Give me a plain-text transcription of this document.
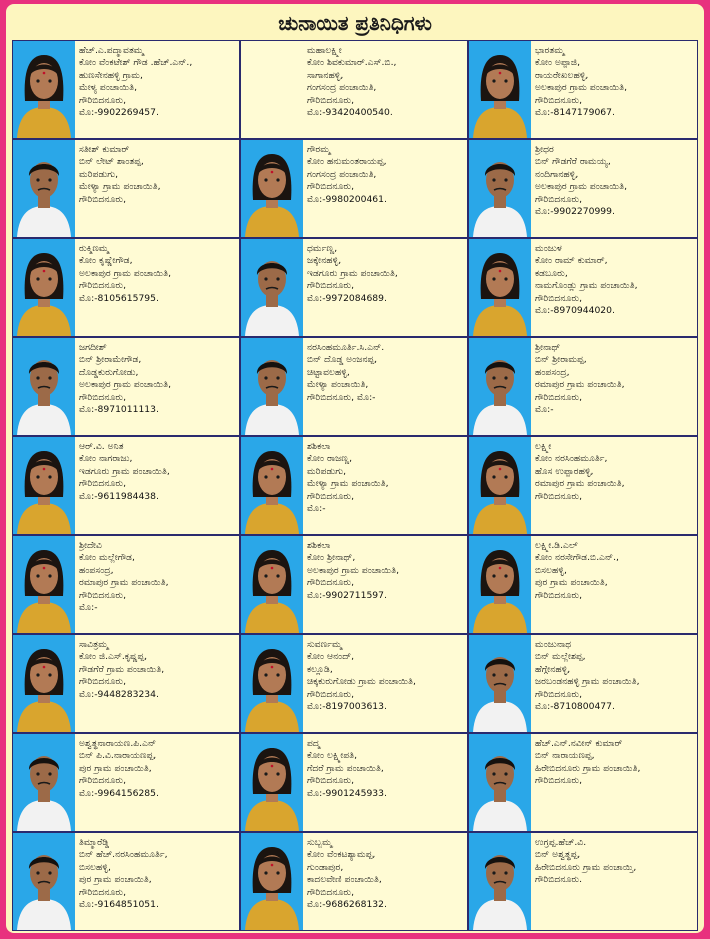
ಚುನಾಯಿತ ಪ್ರತಿನಿಧಿಗಳು
ಹೆಚ್.ಎ.ಪದ್ಮಾವತಮ್ಮ
ಕೋಂ ವೆಂಕಟೇಶ್ ಗೌಡ .ಹೆಚ್.ಎನ್.,
ಹುಣಸೇನಹಳ್ಳಿ ಗ್ರಾಮ,
ಮೇಳ್ಯ ಪಂಚಾಯಿತಿ,
ಗೌರಿಬಿದನೂರು,
ಮೊ:-9902269457.
ಮಹಾಲಕ್ಷ್ಮೀ
ಕೋಂ ಶಿವಕುಮಾರ್.ಎಸ್.ಬಿ.,
ಸಾಗಾನಹಳ್ಳಿ,
ಗಂಗಸಂದ್ರ ಪಂಚಾಯಿತಿ,
ಗೌರಿಬಿದನೂರು,
ಮೊ:-93420400540.
ಭಾರತಮ್ಮ
ಕೋಂ ಅಪ್ಪಾಜಿ,
ರಾಯರೇಖಲಹಳ್ಳಿ,
ಅಲಕಾಪುರ ಗ್ರಾಮ ಪಂಚಾಯಿತಿ,
ಗೌರಿಬಿದನೂರು,
ಮೊ:-8147179067.
ಸತೀಶ್ ಕುಮಾರ್
ಬಿನ್ ಲೇಟ್ ಶಾಂತಪ್ಪ,
ಮರಿಪಡುಗು,
ಮೇಳ್ಯಾ ಗ್ರಾಮ ಪಂಚಾಯಿತಿ,
ಗೌರಿಬಿದನೂರು,
ಗೌರಮ್ಮ
ಕೋಂ ಹನುಮಂತರಾಯಪ್ಪ,
ಗಂಗಸಂದ್ರ ಪಂಚಾಯಿತಿ,
ಗೌರಿಬಿದನೂರು,
ಮೊ:-9980200461.
ಶ್ರೀಧರ
ಬಿನ್ ಗೌಡಗೆರೆ ರಾಮಯ್ಯ,
ನಂದಿಗಾನಹಳ್ಳಿ,
ಅಲಕಾಪುರ ಗ್ರಾಮ ಪಂಚಾಯಿತಿ,
ಗೌರಿಬಿದನೂರು,
ಮೊ:-9902270999.
ರುಕ್ಮಿಣಮ್ಮ
ಕೋಂ ಕೃಷ್ಣೇಗೌಡ,
ಅಲಕಾಪುರ ಗ್ರಾಮ ಪಂಚಾಯಿತಿ,
ಗೌರಿಬಿದನೂರು,
ಮೊ:-8105615795.
ಧರ್ಮಣ್ಣ,
ಜಕ್ಕೇನಹಳ್ಳಿ,
ಇಡಗೂರು ಗ್ರಾಮ ಪಂಚಾಯಿತಿ,
ಗೌರಿಬಿದನೂರು,
ಮೊ:-9972084689.
ಮಂಜುಳ
ಕೋಂ ರಾಮ್ ಕುಮಾರ್,
ಕಡಬೂರು,
ನಾಮಗೊಂಡ್ಲು ಗ್ರಾಮ ಪಂಚಾಯಿತಿ,
ಗೌರಿಬಿದನೂರು,
ಮೊ:-8970944020.
ಜಗದೀಶ್
ಬಿನ್ ಶ್ರೀರಾಮೇಗೌಡ,
ದೊಡ್ಡಕುರುಗೋಡು,
ಅಲಕಾಪುರ ಗ್ರಾಮ ಪಂಚಾಯಿತಿ,
ಗೌರಿಬಿದನೂರು,
ಮೊ:-8971011113.
ನರಸಿಂಹಮೂರ್ತಿ.ಸಿ.ಎನ್.
ಬಿನ್ ದೊಡ್ಡ ಅಂಜನಪ್ಪ,
ಚಿಟ್ಟಾವಲಹಳ್ಳಿ,
ಮೇಳ್ಯಾ ಪಂಚಾಯಿತಿ,
ಗೌರಿಬಿದನೂರು, ಮೊ:-
ಶ್ರೀನಾಥ್
ಬಿನ್ ಶ್ರೀರಾಮಪ್ಪ,
ಹಂಪಸಂದ್ರ,
ರಮಾಪುರ ಗ್ರಾಮ ಪಂಚಾಯಿತಿ,
ಗೌರಿಬಿದನೂರು,
ಮೊ:-
ಆರ್.ವಿ. ಅನಿತ
ಕೋಂ ನಾಗರಾಜು,
ಇಡಗೂರು ಗ್ರಾಮ ಪಂಚಾಯಿತಿ,
ಗೌರಿಬಿದನೂರು,
ಮೊ:-9611984438.
ಶಶಿಕಲಾ
ಕೋಂ ರಾಜಣ್ಣ,
ಮರಿಪಡುಗು,
ಮೇಳ್ಯಾ ಗ್ರಾಮ ಪಂಚಾಯಿತಿ,
ಗೌರಿಬಿದನೂರು,
ಮೊ:-
ಲಕ್ಷ್ಮೀ
ಕೋಂ ನರಸಿಂಹಮೂರ್ತಿ,
ಹೊಸ ಉಪ್ಪಾರಹಳ್ಳಿ,
ರಮಾಪುರ ಗ್ರಾಮ ಪಂಚಾಯಿತಿ,
ಗೌರಿಬಿದನೂರು,
ಶ್ರೀದೇವಿ
ಕೋಂ ಮಲ್ಲೇಗೌಡ,
ಹಂಪಸಂದ್ರ,
ರಮಾಪುರ ಗ್ರಾಮ ಪಂಚಾಯಿತಿ,
ಗೌರಿಬಿದನೂರು,
ಮೊ:-
ಶಶಿಕಲಾ
ಕೋಂ ಶ್ರೀನಾಥ್,
ಅಲಕಾಪುರ ಗ್ರಾಮ ಪಂಚಾಯಿತಿ,
ಗೌರಿಬಿದನೂರು,
ಮೊ:-9902711597.
ಲಕ್ಷ್ಮೀ.ಡಿ.ಎಲ್
ಕೋಂ ನರಸೇಗೌಡ.ಬಿ.ಎನ್.,
ಬಿಸಲಹಳ್ಳಿ,
ಪುರ ಗ್ರಾಮ ಪಂಚಾಯಿತಿ,
ಗೌರಿಬಿದನೂರು,
ಸಾವಿತ್ರಮ್ಮ
ಕೋಂ ಜಿ.ಎಸ್.ಕೃಷ್ಣಪ್ಪ,
ಗೌಡಗೆರೆ ಗ್ರಾಮ ಪಂಚಾಯಿತಿ,
ಗೌರಿಬಿದನೂರು,
ಮೊ:-9448283234.
ಸುವರ್ಣಮ್ಮ
ಕೋಂ ಆನಂದ್,
ಕಲ್ಲೂಡಿ,
ಚಿಕ್ಕಕುರುಗೋಡು ಗ್ರಾಮ ಪಂಚಾಯಿತಿ,
ಗೌರಿಬಿದನೂರು,
ಮೊ:-8197003613.
ಮಂಜುನಾಥ
ಬಿನ್ ಮಲ್ಲೇಶಪ್ಪ,
ಹೆಗ್ಗೇನಹಳ್ಳಿ,
ಜರಬಂಡನಹಳ್ಳಿ ಗ್ರಾಮ ಪಂಚಾಯಿತಿ,
ಗೌರಿಬಿದನೂರು,
ಮೊ:-8710800477.
ಅಶ್ವತ್ಥನಾರಾಯಣ.ಪಿ.ಎನ್
ಬಿನ್ ಪಿ.ವಿ.ನಾರಾಯಣಪ್ಪ,
ಪುರ ಗ್ರಾಮ ಪಂಚಾಯಿತಿ,
ಗೌರಿಬಿದನೂರು,
ಮೊ:-9964156285.
ಪದ್ಮ
ಕೋಂ ಲಕ್ಷ್ಮೀಪತಿ,
ಗೆದರೆ ಗ್ರಾಮ ಪಂಚಾಯಿತಿ,
ಗೌರಿಬಿದನೂರು,
ಮೊ:-9901245933.
ಹೆಚ್.ಎನ್.ನವೀನ್ ಕುಮಾರ್
ಬಿನ್ ನಾರಾಯಣಪ್ಪ,
ಹಿರೇಬಿದನೂರು ಗ್ರಾಮ ಪಂಚಾಯಿತಿ,
ಗೌರಿಬಿದನೂರು,
ತಿಮ್ಮಾರೆಡ್ಡಿ
ಬಿನ್ ಹೆಚ್.ನರಸಿಂಹಮೂರ್ತಿ,
ಬಿಸಲಹಳ್ಳಿ,
ಪುರ ಗ್ರಾಮ ಪಂಚಾಯಿತಿ,
ಗೌರಿಬಿದನೂರು,
ಮೊ:-9164851051.
ಸುಬ್ಬಮ್ಮ
ಕೋಂ ವೆಂಕಟಶ್ಯಾಮಪ್ಪ,
ಗುಂಡಾಪುರ,
ಕಾದಲವೇಣಿ ಪಂಚಾಯಿತಿ,
ಗೌರಿಬಿದನೂರು,
ಮೊ:-9686268132.
ಉಗ್ರಪ್ಪ.ಹೆಚ್.ವಿ.
ಬಿನ್ ಅಶ್ವತ್ಥಪ್ಪ,
ಹಿರೇಬಿದನೂರು ಗ್ರಾಮ ಪಂಚಾಯ್ತಿ,
ಗೌರಿಬಿದನೂರು.
